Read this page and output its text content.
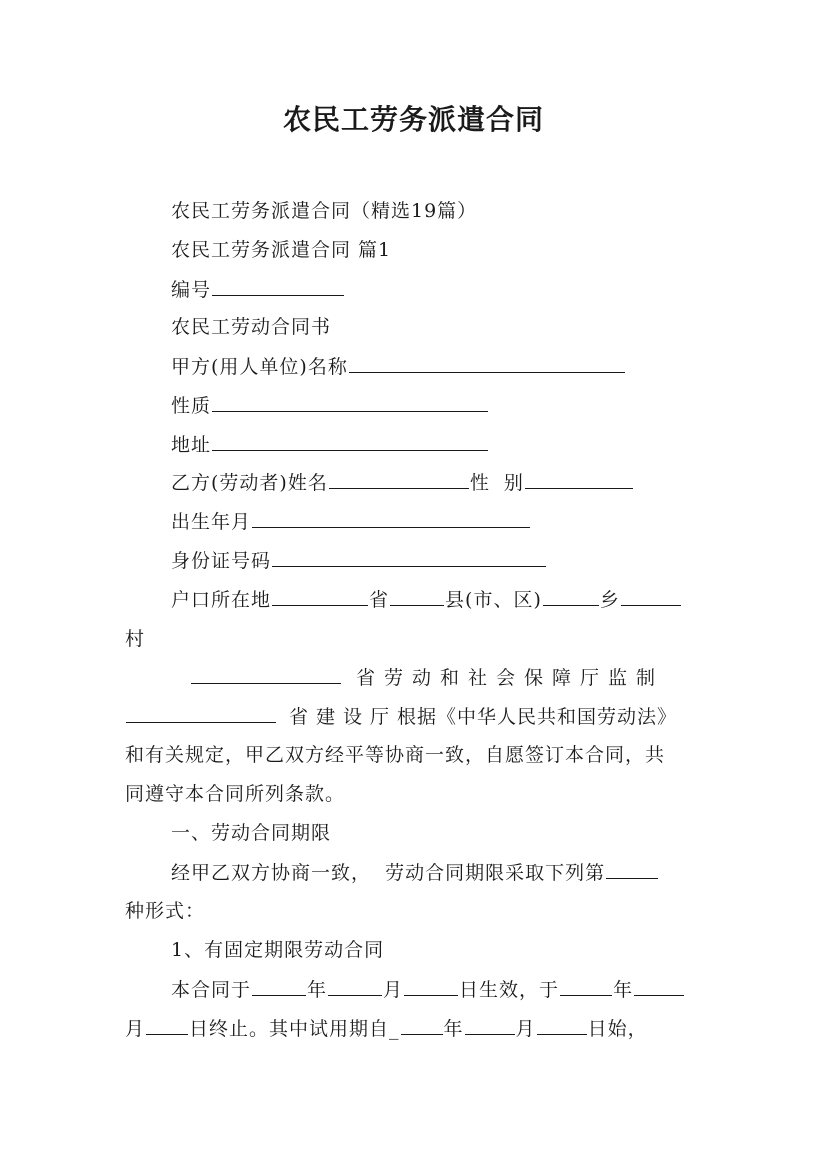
农民工劳务派遣合同
农民工劳务派遣合同（精选19篇）
农民工劳务派遣合同 篇1
编号
农民工劳动合同书
甲方(用人单位)名称
性质
地址
乙方(劳动者)姓名	性  别
出生年月
身份证号码
户口所在地	省	县(市、区)	乡
村
省劳动和社会保障厅监制
省建设厅根据《中华人民共和国劳动法》
和有关规定，甲乙双方经平等协商一致，自愿签订本合同，共
同遵守本合同所列条款。
一、劳动合同期限
经甲乙双方协商一致，  劳动合同期限采取下列第
种形式：
1、有固定期限劳动合同
本合同于	年	月	日生效，于	年
月 日终止。其中试用期自_ 年	月	日始，
